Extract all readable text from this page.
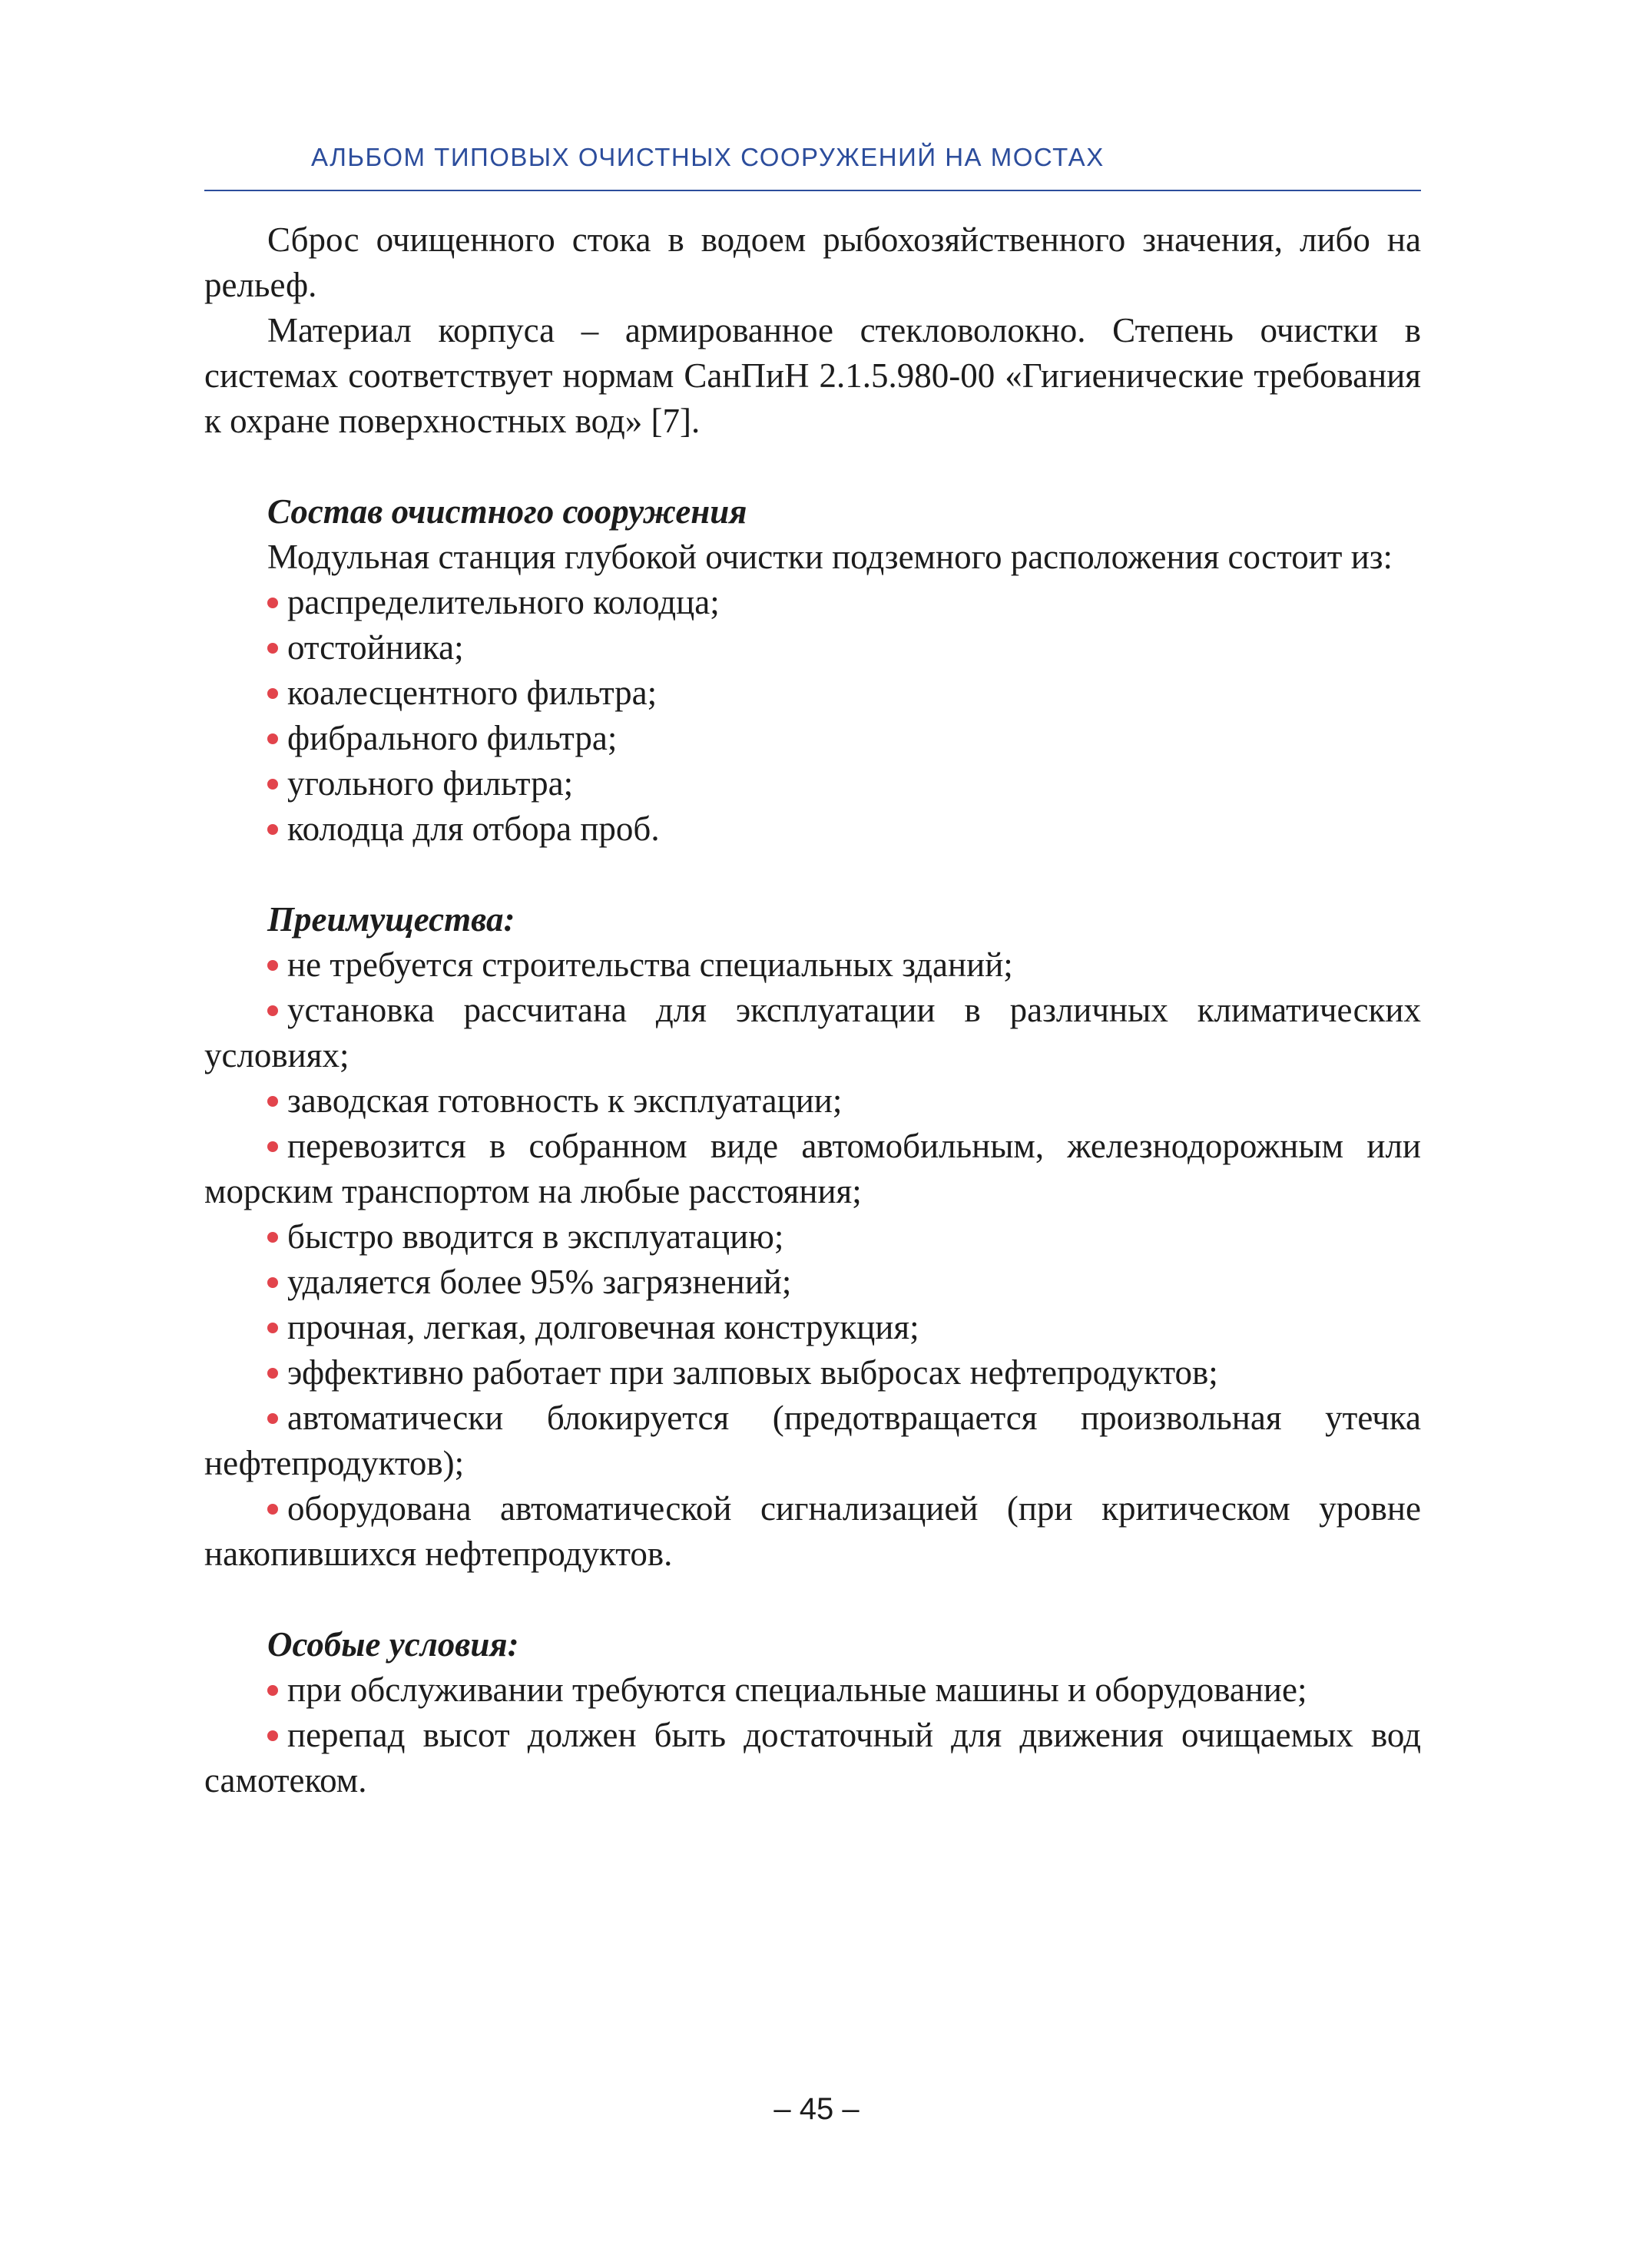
АЛЬБОМ ТИПОВЫХ ОЧИСТНЫХ СООРУЖЕНИЙ НА МОСТАХ

Сброс очищенного стока в водоем рыбохозяйственного значения, либо на рельеф.

Материал корпуса – армированное стекловолокно. Степень очистки в системах соответствует нормам СанПиН 2.1.5.980-00 «Гигиенические требования к охране поверхностных вод» [7].

Состав очистного сооружения

Модульная станция глубокой очистки подземного расположения состоит из:

распределительного колодца;
отстойника;
коалесцентного фильтра;
фибрального фильтра;
угольного фильтра;
колодца для отбора проб.

Преимущества:

не требуется строительства специальных зданий;
установка рассчитана для эксплуатации в различных климатических условиях;
заводская готовность к эксплуатации;
перевозится в собранном виде автомобильным, железнодорожным или морским транспортом на любые расстояния;
быстро вводится в эксплуатацию;
удаляется более 95% загрязнений;
прочная, легкая, долговечная конструкция;
эффективно работает при залповых выбросах нефтепродуктов;
автоматически блокируется (предотвращается произвольная утечка нефтепродуктов);
оборудована автоматической сигнализацией (при критическом уровне накопившихся нефтепродуктов.

Особые условия:

при обслуживании требуются специальные машины и оборудование;
перепад высот должен быть достаточный для движения очищаемых вод самотеком.
– 45 –
